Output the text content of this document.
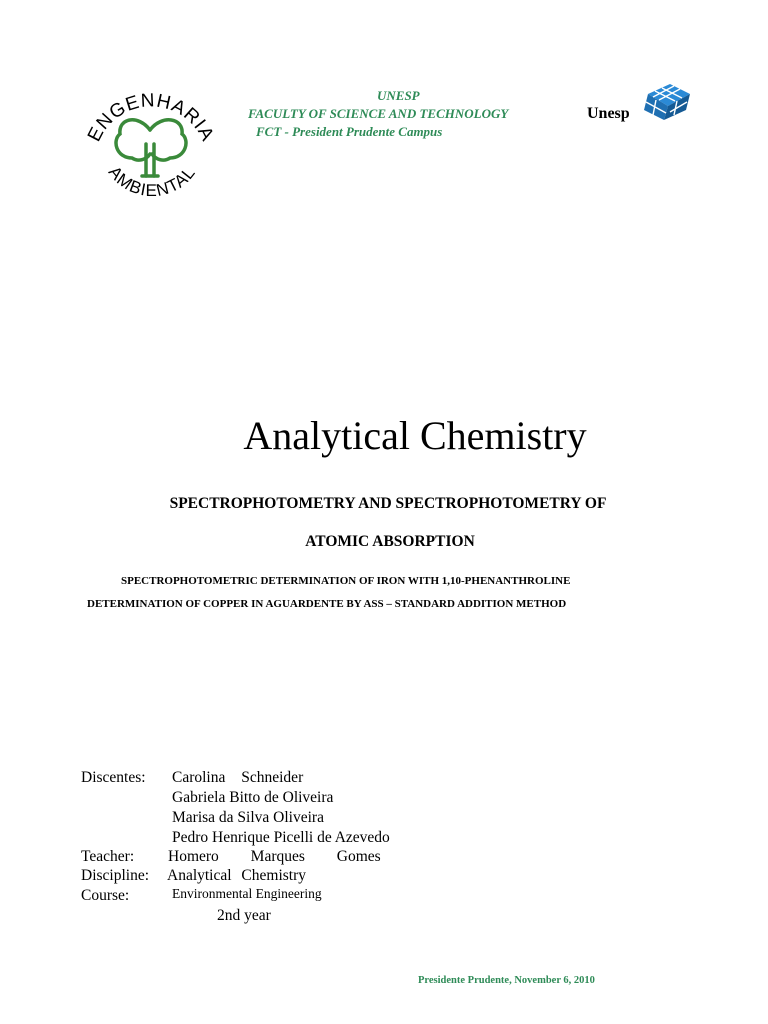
ENGENHARIA
AMBIENTAL
UNESP
FACULTY OF SCIENCE AND TECHNOLOGY
FCT - President Prudente Campus
Unesp
Analytical Chemistry
SPECTROPHOTOMETRY AND SPECTROPHOTOMETRY OF
ATOMIC ABSORPTION
SPECTROPHOTOMETRIC DETERMINATION OF IRON WITH 1,10-PHENANTHROLINE
DETERMINATION OF COPPER IN AGUARDENTE BY ASS – STANDARD ADDITION METHOD
Discentes: Carolina Schneider
Gabriela Bitto de Oliveira
Marisa da Silva Oliveira
Pedro Henrique Picelli de Azevedo
Teacher: Homero Marques Gomes
Discipline: Analytical Chemistry
Course:	Environmental Engineering
2nd year
Presidente Prudente, November 6, 2010
